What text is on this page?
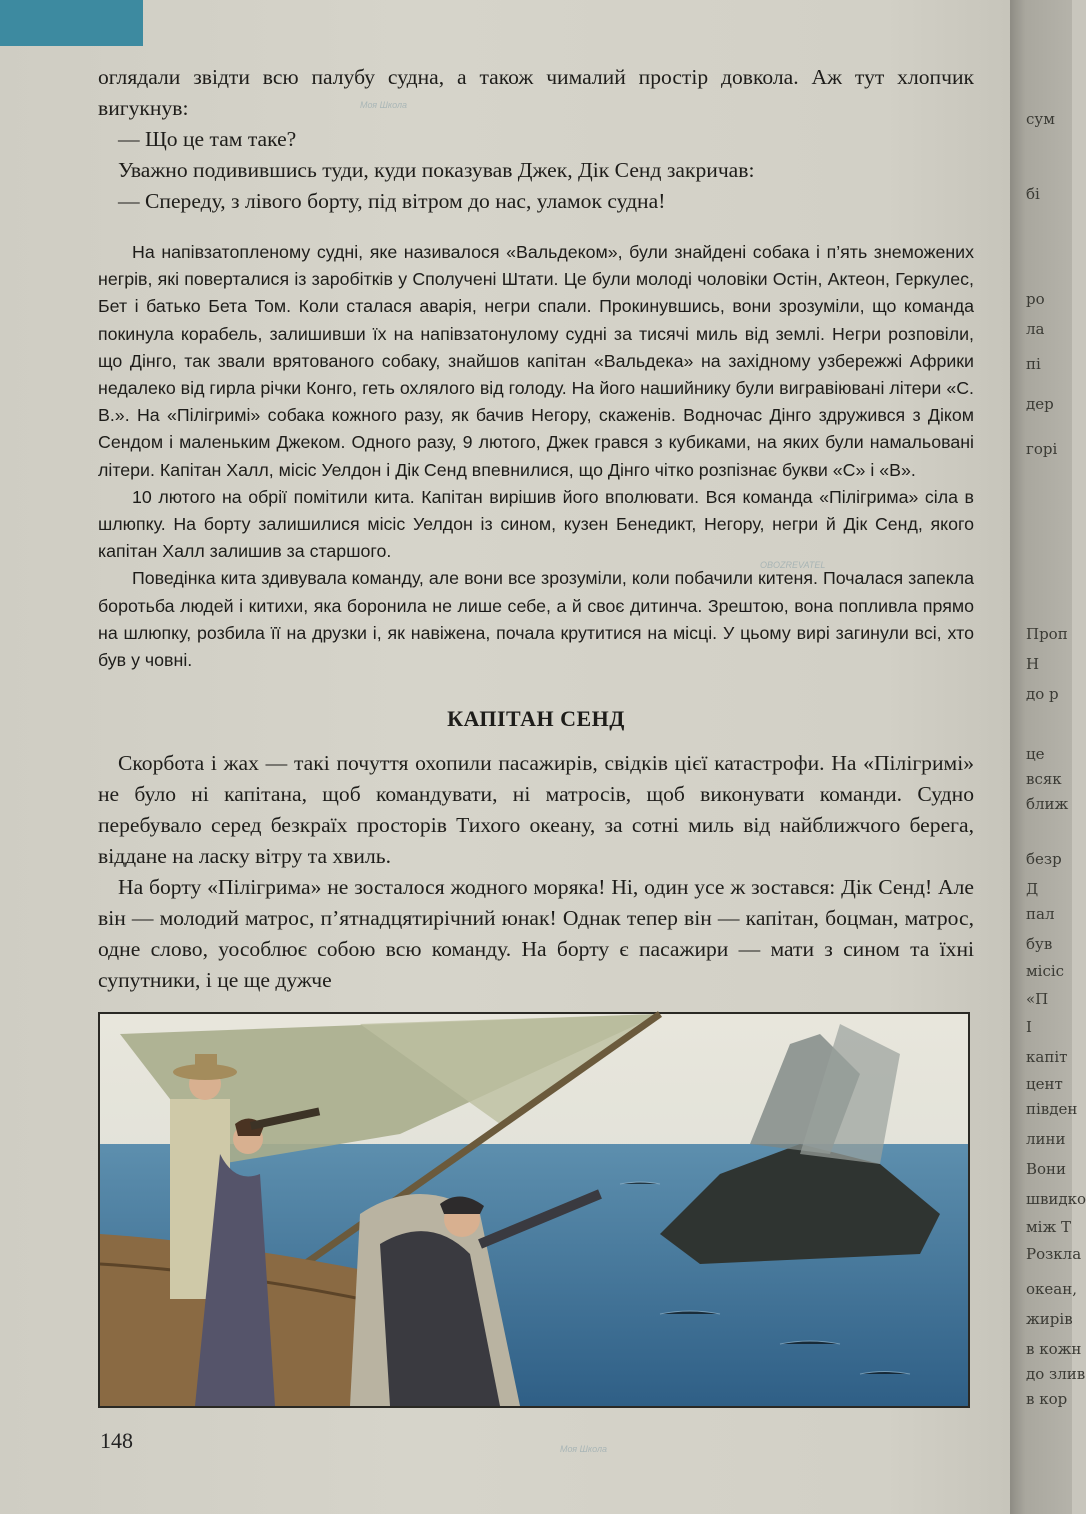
оглядали звідти всю палубу судна, а також чималий простір довкола. Аж тут хлопчик вигукнув:

— Що це там таке?

Уважно подивившись туди, куди показував Джек, Дік Сенд закричав:

— Спереду, з лівого борту, під вітром до нас, уламок судна!

На напівзатопленому судні, яке називалося «Вальдеком», були знайдені собака і п’ять знеможених негрів, які поверталися із заробітків у Сполучені Штати. Це були молоді чоловіки Остін, Актеон, Геркулес, Бет і батько Бета Том. Коли сталася аварія, негри спали. Прокинувшись, вони зрозуміли, що команда покинула корабель, залишивши їх на напівзатонулому судні за тисячі миль від землі. Негри розповіли, що Дінго, так звали врятованого собаку, знайшов капітан «Вальдека» на західному узбережжі Африки недалеко від гирла річки Конго, геть охлялого від голоду. На його нашийнику були вигравіювані літери «С. В.». На «Пілігримі» собака кожного разу, як бачив Негору, скаженів. Водночас Дінго здружився з Діком Сендом і маленьким Джеком. Одного разу, 9 лютого, Джек грався з кубиками, на яких були намальовані літери. Капітан Халл, місіс Уелдон і Дік Сенд впевнилися, що Дінго чітко розпізнає букви «С» і «В».

10 лютого на обрії помітили кита. Капітан вирішив його вполювати. Вся команда «Пілігрима» сіла в шлюпку. На борту залишилися місіс Уелдон із сином, кузен Бенедикт, Негору, негри й Дік Сенд, якого капітан Халл залишив за старшого.

Поведінка кита здивувала команду, але вони все зрозуміли, коли побачили китеня. Почалася запекла боротьба людей і китихи, яка боронила не лише себе, а й своє дитинча. Зрештою, вона попливла прямо на шлюпку, розбила її на друзки і, як навіжена, почала крутитися на місці. У цьому вирі загинули всі, хто був у човні.

КАПІТАН СЕНД

Скорбота і жах — такі почуття охопили пасажирів, свідків цієї катастрофи. На «Пілігримі» не було ні капітана, щоб командувати, ні матросів, щоб виконувати команди. Судно перебувало серед безкраїх просторів Тихого океану, за сотні миль від найближчого берега, віддане на ласку вітру та хвиль.

На борту «Пілігрима» не зосталося жодного моряка! Ні, один усе ж зостався: Дік Сенд! Але він — молодий матрос, п’ятнадцятирічний юнак! Однак тепер він — капітан, боцман, матрос, одне слово, уособлює собою всю команду. На борту є пасажири — мати з сином та їхні супутники, і це ще дужче

148
Моя Школа
OBOZREVATEL
Моя Школа
сум
бі
ро
ла
пі
дер
горі
Проп
Н
до р
це
всяк
ближ
безр
Д
пал
був
місіс
«П
І
капіт
цент
півден
лини
Вони
швидко
між Т
Розкла
океан,
жирів
в кожн
до злив
в кор
